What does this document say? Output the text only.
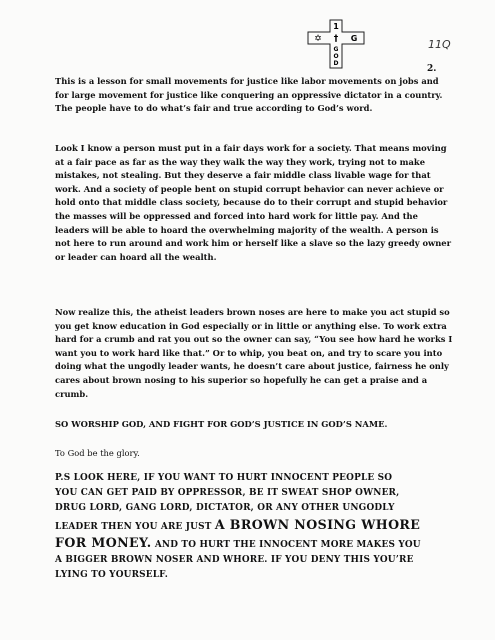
1
†
✡	G
G
O
D
11Q
2.

This is a lesson for small movements for justice like labor movements on jobs and for large movement for justice like conquering an oppressive dictator in a country. The people have to do what’s fair and true according to God’s word.

Look I know a person must put in a fair days work for a society. That means moving at a fair pace as far as the way they walk the way they work, trying not to make mistakes, not stealing. But they deserve a fair middle class livable wage for that work. And a society of people bent on stupid corrupt behavior can never achieve or hold onto that middle class society, because do to their corrupt and stupid behavior the masses will be oppressed and forced into hard work for little pay. And the leaders will be able to hoard the overwhelming majority of the wealth. A person is not here to run around and work him or herself like a slave so the lazy greedy owner or leader can hoard all the wealth.

Now realize this, the atheist leaders brown noses are here to make you act stupid so you get know education in God especially or in little or anything else. To work extra hard for a crumb and rat you out so the owner can say, “You see how hard he works I want you to work hard like that.” Or to whip, you beat on, and try to scare you into doing what the ungodly leader wants, he doesn’t care about justice, fairness he only cares about brown nosing to his superior so hopefully he can get a praise and a crumb.

SO WORSHIP GOD, AND FIGHT FOR GOD’S JUSTICE IN GOD’S NAME.

To God be the glory.

P.S LOOK HERE, IF YOU WANT TO HURT INNOCENT PEOPLE SO
YOU CAN GET PAID BY OPPRESSOR, BE IT SWEAT SHOP OWNER,
DRUG LORD, GANG LORD, DICTATOR, OR ANY OTHER UNGODLY
LEADER THEN YOU ARE JUST A BROWN NOSING WHORE
FOR MONEY. AND TO HURT THE INNOCENT MORE MAKES YOU
A BIGGER BROWN NOSER AND WHORE. IF YOU DENY THIS YOU’RE
LYING TO YOURSELF.
